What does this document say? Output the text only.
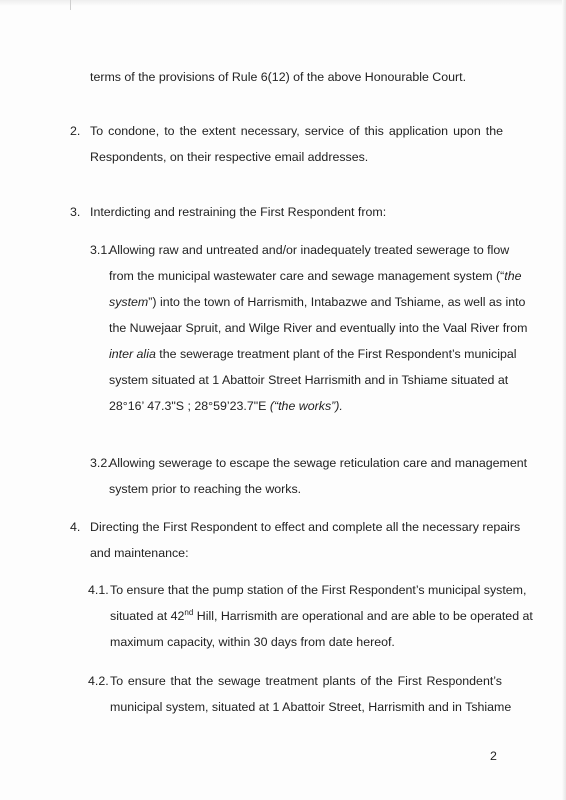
terms of the provisions of Rule 6(12) of the above Honourable Court.
2. To condone, to the extent necessary, service of this application upon the
Respondents, on their respective email addresses.
3. Interdicting and restraining the First Respondent from:
3.1.
Allowing raw and untreated and/or inadequately treated sewerage to flow
from the municipal wastewater care and sewage management system (“the
system”) into the town of Harrismith, Intabazwe and Tshiame, as well as into
the Nuwejaar Spruit, and Wilge River and eventually into the Vaal River from
inter alia the sewerage treatment plant of the First Respondent’s municipal
system situated at 1 Abattoir Street Harrismith and in Tshiame situated at
28°16’ 47.3"S ; 28°59’23.7"E (“the works”).
3.2.
Allowing sewerage to escape the sewage reticulation care and management
system prior to reaching the works.
4. Directing the First Respondent to effect and complete all the necessary repairs
and maintenance:
4.1. To ensure that the pump station of the First Respondent’s municipal system,
situated at 42nd Hill, Harrismith are operational and are able to be operated at
maximum capacity, within 30 days from date hereof.
4.2. To ensure that the sewage treatment plants of the First Respondent’s
municipal system, situated at 1 Abattoir Street, Harrismith and in Tshiame
2
